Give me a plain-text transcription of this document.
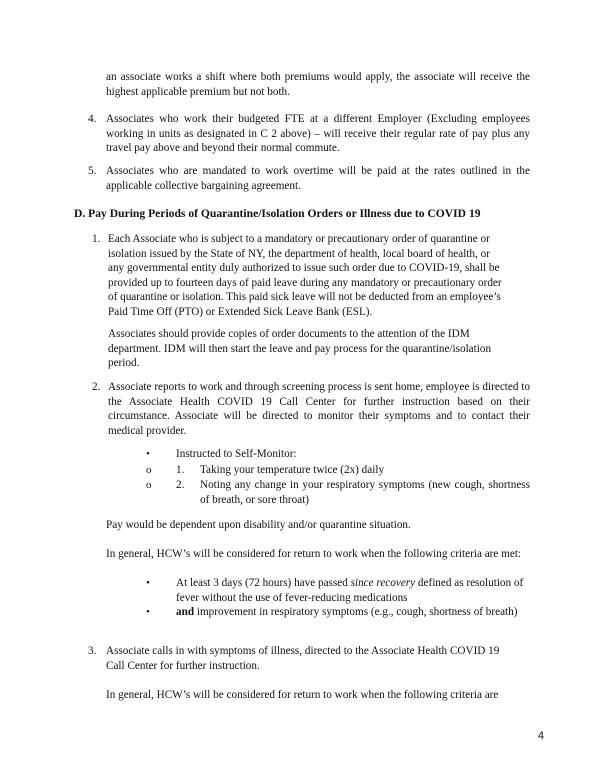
an associate works a shift where both premiums would apply, the associate will receive the highest applicable premium but not both.

4. Associates who work their budgeted FTE at a different Employer (Excluding employees working in units as designated in C 2 above) – will receive their regular rate of pay plus any travel pay above and beyond their normal commute.

5. Associates who are mandated to work overtime will be paid at the rates outlined in the applicable collective bargaining agreement.

D. Pay During Periods of Quarantine/Isolation Orders or Illness due to COVID 19

1. Each Associate who is subject to a mandatory or precautionary order of quarantine or

isolation issued by the State of NY, the department of health, local board of health, or

any governmental entity duly authorized to issue such order due to COVID-19, shall be

provided up to fourteen days of paid leave during any mandatory or precautionary order

of quarantine or isolation. This paid sick leave will not be deducted from an employee’s

Paid Time Off (PTO) or Extended Sick Leave Bank (ESL).

Associates should provide copies of order documents to the attention of the IDM

department. IDM will then start the leave and pay process for the quarantine/isolation

period.

2. Associate reports to work and through screening process is sent home, employee is directed to the Associate Health COVID 19 Call Center for further instruction based on their circumstance. Associate will be directed to monitor their symptoms and to contact their medical provider.

• Instructed to Self-Monitor:

o 1. Taking your temperature twice (2x) daily

o 2. Noting any change in your respiratory symptoms (new cough, shortness of breath, or sore throat)

Pay would be dependent upon disability and/or quarantine situation.

In general, HCW’s will be considered for return to work when the following criteria are met:

• At least 3 days (72 hours) have passed since recovery defined as resolution of fever without the use of fever-reducing medications

• and improvement in respiratory symptoms (e.g., cough, shortness of breath)

3. Associate calls in with symptoms of illness, directed to the Associate Health COVID 19

Call Center for further instruction.

In general, HCW’s will be considered for return to work when the following criteria are

4
